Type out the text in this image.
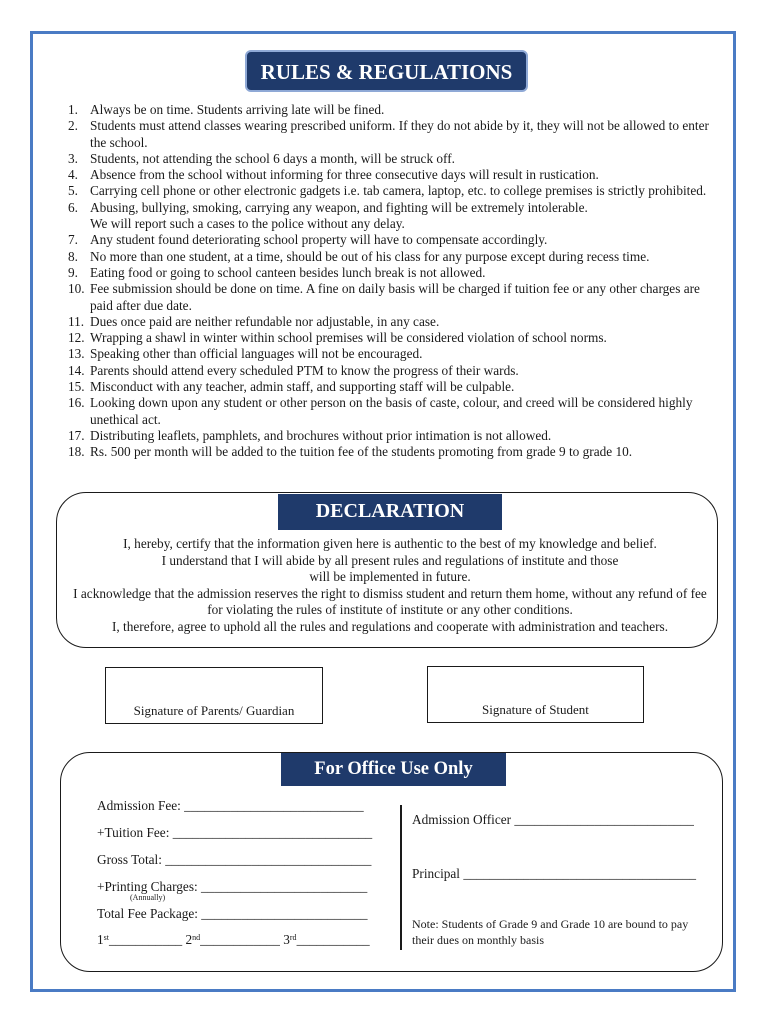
RULES & REGULATIONS
1. Always be on time. Students arriving late will be fined.
2. Students must attend classes wearing prescribed uniform. If they do not abide by it, they will not be allowed to enter the school.
3. Students, not attending the school 6 days a month, will be struck off.
4. Absence from the school without informing for three consecutive days will result in rustication.
5. Carrying cell phone or other electronic gadgets i.e. tab camera, laptop, etc. to college premises is strictly prohibited.
6. Abusing, bullying, smoking, carrying any weapon, and fighting will be extremely intolerable.
We will report such a cases to the police without any delay.
7. Any student found deteriorating school property will have to compensate accordingly.
8. No more than one student, at a time, should be out of his class for any purpose except during recess time.
9. Eating food or going to school canteen besides lunch break is not allowed.
10. Fee submission should be done on time. A fine on daily basis will be charged if tuition fee or any other charges are paid after due date.
11. Dues once paid are neither refundable nor adjustable, in any case.
12. Wrapping a shawl in winter within school premises will be considered violation of school norms.
13. Speaking other than official languages will not be encouraged.
14. Parents should attend every scheduled PTM to know the progress of their wards.
15. Misconduct with any teacher, admin staff, and supporting staff will be culpable.
16. Looking down upon any student or other person on the basis of caste, colour, and creed will be considered highly unethical act.
17. Distributing leaflets, pamphlets, and brochures without prior intimation is not allowed.
18. Rs. 500 per month will be added to the tuition fee of the students promoting from grade 9 to grade 10.
DECLARATION

I, hereby, certify that the information given here is authentic to the best of my knowledge and belief.

I understand that I will abide by all present rules and regulations of institute and those will be implemented in future.

I acknowledge that the admission reserves the right to dismiss student and return them home, without any refund of fee for violating the rules of institute of institute or any other conditions.

I, therefore, agree to uphold all the rules and regulations and cooperate with administration and teachers.

Signature of Parents/ Guardian	Signature of Student
For Office Use Only
Admission Fee: ___________________________
+Tuition Fee: ______________________________
Gross Total: _______________________________
+Printing Charges: _________________________
(Annually)
Total Fee Package: _________________________
1st___________ 2nd____________ 3rd___________
Admission Officer ___________________________
Principal ___________________________________
Note: Students of Grade 9 and Grade 10 are bound to pay their dues on monthly basis
